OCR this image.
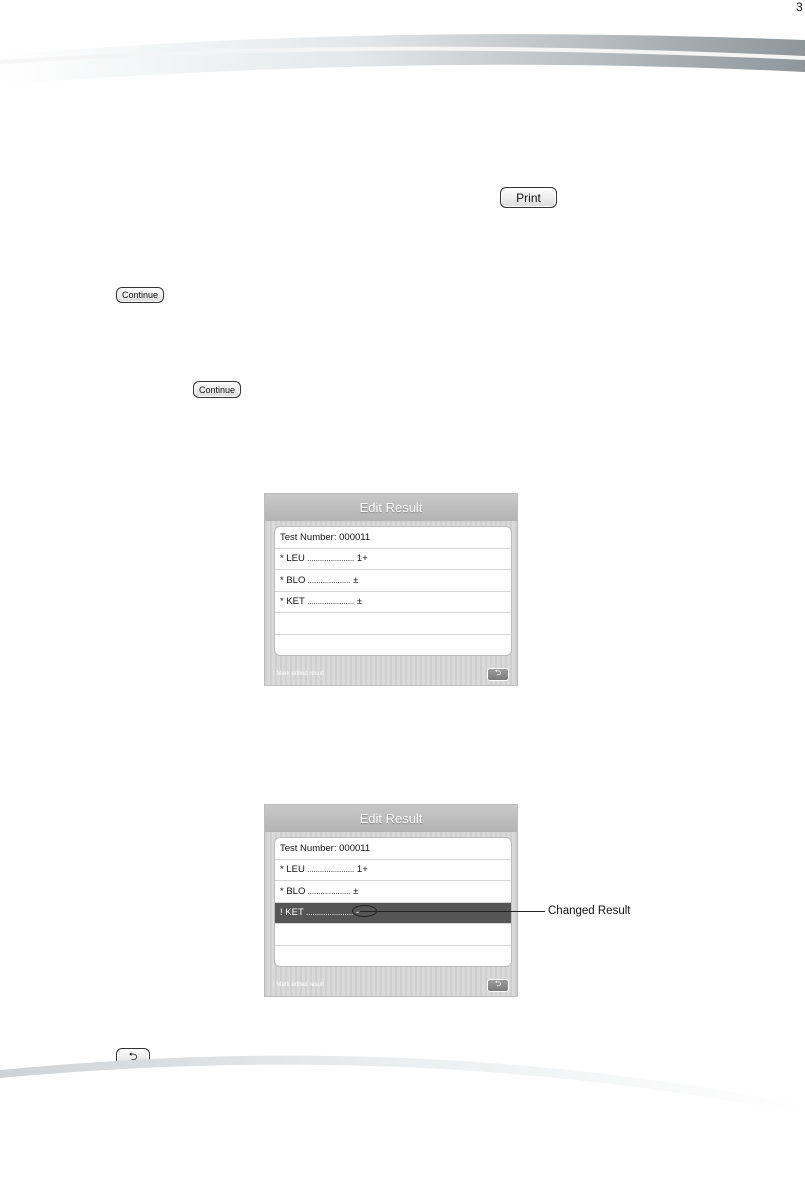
3
Print
Continue
Continue
Edit Result
Test Number: 000011
*
LEU ...................... 1+
*
BLO .................... ±
*
KET ...................... ±
! Mark edited result	⮌
Edit Result
Test Number: 000011
*
LEU ...................... 1+
*
BLO .................... ±
!
KET ...................... -
! Mark edited result	⮌
Changed Result
⮌
